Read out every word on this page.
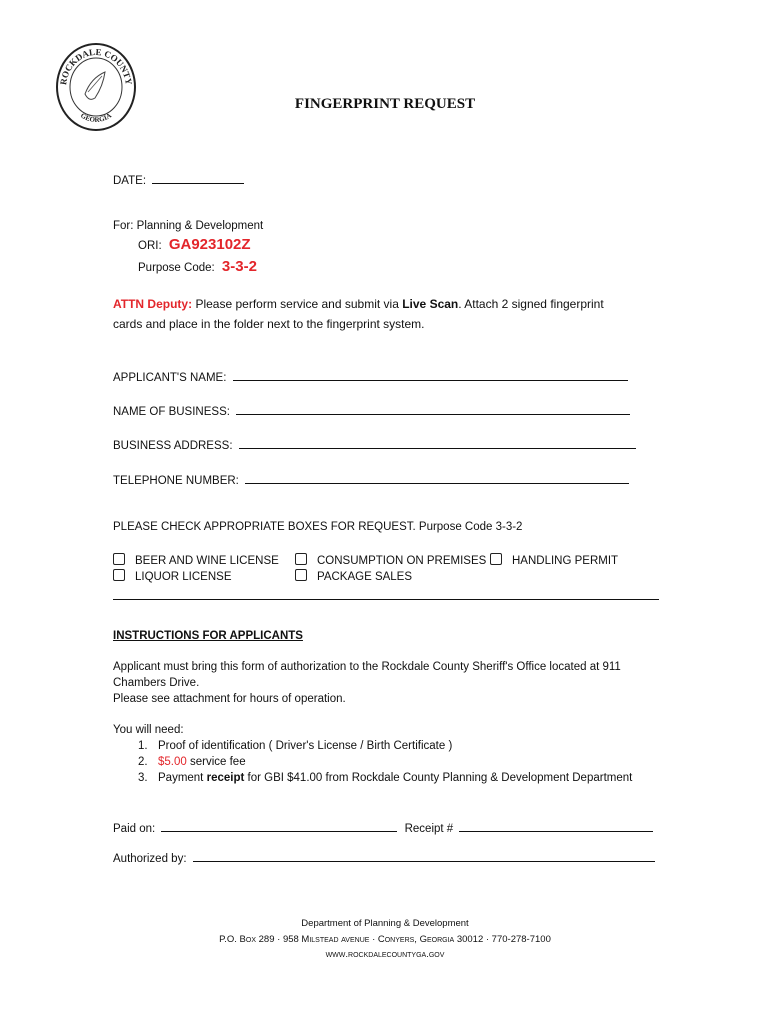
ROCKDALE COUNTY
GEORGIA
FINGERPRINT REQUEST
DATE:
For: Planning & Development
ORI: GA923102Z
Purpose Code: 3-3-2
ATTN Deputy: Please perform service and submit via Live Scan. Attach 2 signed fingerprint
cards and place in the folder next to the fingerprint system.
APPLICANT'S NAME:
NAME OF BUSINESS:
BUSINESS ADDRESS:
TELEPHONE NUMBER:
PLEASE CHECK APPROPRIATE BOXES FOR REQUEST. Purpose Code 3-3-2
BEER AND WINE LICENSE	CONSUMPTION ON PREMISES	HANDLING PERMIT
LIQUOR LICENSE	PACKAGE SALES
INSTRUCTIONS FOR APPLICANTS
Applicant must bring this form of authorization to the Rockdale County Sheriff's Office located at 911
Chambers Drive.
Please see attachment for hours of operation.
You will need:
1. Proof of identification ( Driver's License / Birth Certificate )
2. $5.00 service fee
3. Payment receipt for GBI $41.00 from Rockdale County Planning & Development Department
Paid on:	Receipt #
Authorized by:
Department of Planning & Development
P.O. Box 289 · 958 Milstead avenue · Conyers, Georgia 30012 · 770-278-7100
www.rockdalecountyga.gov
